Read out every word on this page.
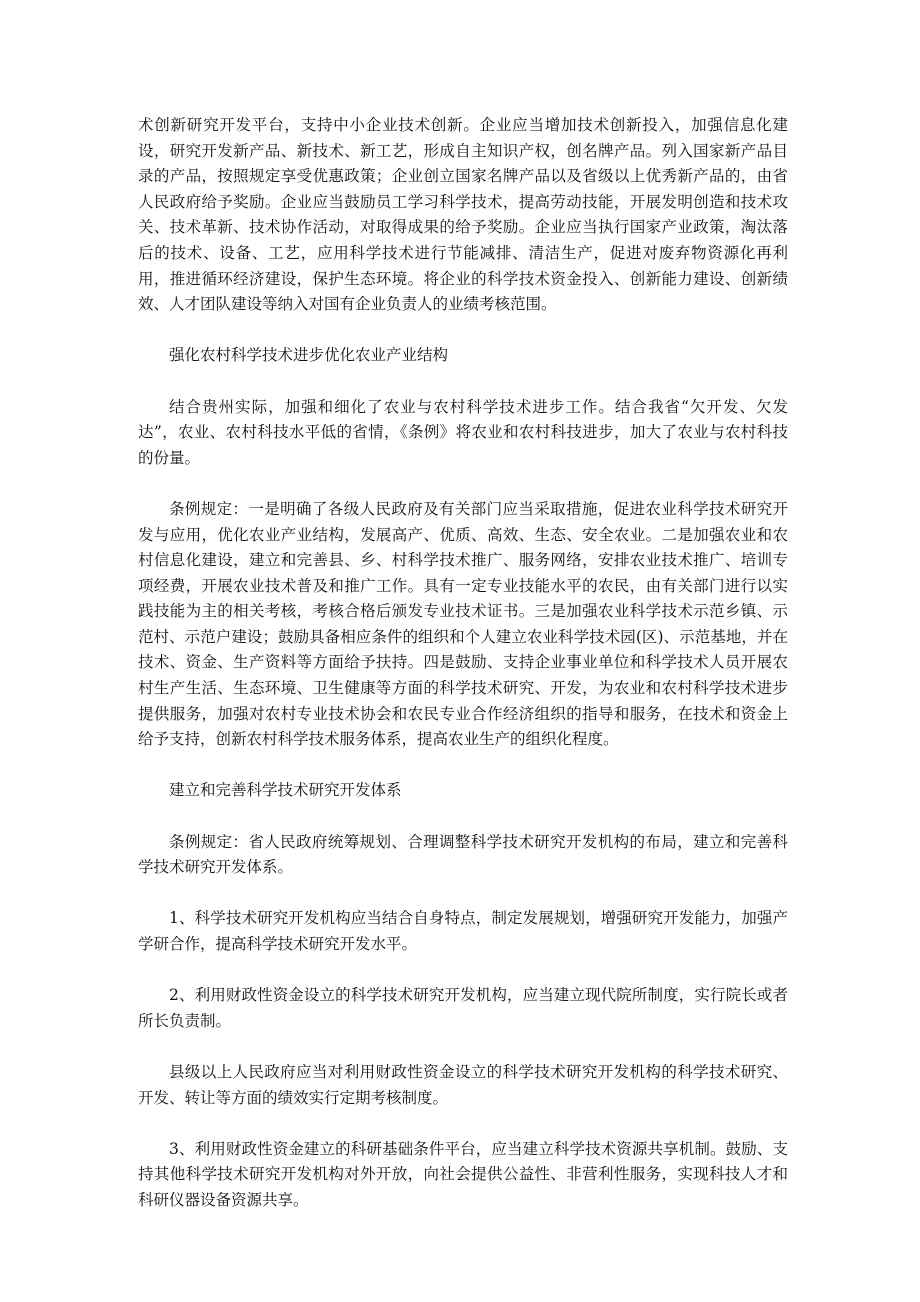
术创新研究开发平台，支持中小企业技术创新。企业应当增加技术创新投入，加强信息化建设，研究开发新产品、新技术、新工艺，形成自主知识产权，创名牌产品。列入国家新产品目录的产品，按照规定享受优惠政策；企业创立国家名牌产品以及省级以上优秀新产品的，由省人民政府给予奖励。企业应当鼓励员工学习科学技术，提高劳动技能，开展发明创造和技术攻关、技术革新、技术协作活动，对取得成果的给予奖励。企业应当执行国家产业政策，淘汰落后的技术、设备、工艺，应用科学技术进行节能减排、清洁生产，促进对废弃物资源化再利用，推进循环经济建设，保护生态环境。将企业的科学技术资金投入、创新能力建设、创新绩效、人才团队建设等纳入对国有企业负责人的业绩考核范围。

强化农村科学技术进步优化农业产业结构

结合贵州实际，加强和细化了农业与农村科学技术进步工作。结合我省“欠开发、欠发达”，农业、农村科技水平低的省情，《条例》将农业和农村科技进步，加大了农业与农村科技的份量。

条例规定：一是明确了各级人民政府及有关部门应当采取措施，促进农业科学技术研究开发与应用，优化农业产业结构，发展高产、优质、高效、生态、安全农业。二是加强农业和农村信息化建设，建立和完善县、乡、村科学技术推广、服务网络，安排农业技术推广、培训专项经费，开展农业技术普及和推广工作。具有一定专业技能水平的农民，由有关部门进行以实践技能为主的相关考核，考核合格后颁发专业技术证书。三是加强农业科学技术示范乡镇、示范村、示范户建设；鼓励具备相应条件的组织和个人建立农业科学技术园(区)、示范基地，并在技术、资金、生产资料等方面给予扶持。四是鼓励、支持企业事业单位和科学技术人员开展农村生产生活、生态环境、卫生健康等方面的科学技术研究、开发，为农业和农村科学技术进步提供服务，加强对农村专业技术协会和农民专业合作经济组织的指导和服务，在技术和资金上给予支持，创新农村科学技术服务体系，提高农业生产的组织化程度。

建立和完善科学技术研究开发体系

条例规定：省人民政府统筹规划、合理调整科学技术研究开发机构的布局，建立和完善科学技术研究开发体系。

1、科学技术研究开发机构应当结合自身特点，制定发展规划，增强研究开发能力，加强产学研合作，提高科学技术研究开发水平。

2、利用财政性资金设立的科学技术研究开发机构，应当建立现代院所制度，实行院长或者所长负责制。

县级以上人民政府应当对利用财政性资金设立的科学技术研究开发机构的科学技术研究、开发、转让等方面的绩效实行定期考核制度。

3、利用财政性资金建立的科研基础条件平台，应当建立科学技术资源共享机制。鼓励、支持其他科学技术研究开发机构对外开放，向社会提供公益性、非营利性服务，实现科技人才和科研仪器设备资源共享。
